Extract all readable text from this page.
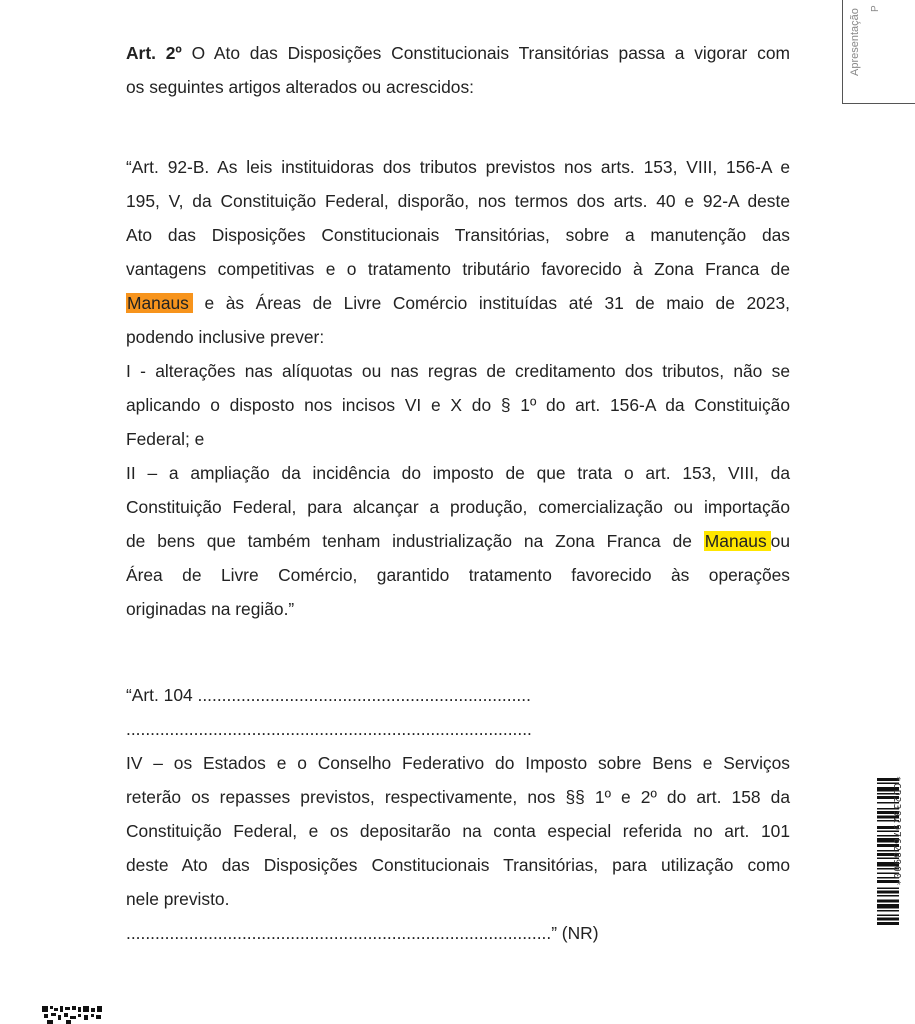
Apresentação P

Art. 2º O Ato das Disposições Constitucionais Transitórias passa a vigorar com

os seguintes artigos alterados ou acrescidos:

“Art. 92-B. As leis instituidoras dos tributos previstos nos arts. 153, VIII, 156-A e

195, V, da Constituição Federal, disporão, nos termos dos arts. 40 e 92-A deste

Ato das Disposições Constitucionais Transitórias, sobre a manutenção das

vantagens competitivas e o tratamento tributário favorecido à Zona Franca de

Manaus e às Áreas de Livre Comércio instituídas até 31 de maio de 2023,

podendo inclusive prever:

I - alterações nas alíquotas ou nas regras de creditamento dos tributos, não se

aplicando o disposto nos incisos VI e X do § 1º do art. 156-A da Constituição

Federal; e

II – a ampliação da incidência do imposto de que trata o art. 153, VIII, da

Constituição Federal, para alcançar a produção, comercialização ou importação

de bens que também tenham industrialização na Zona Franca de Manaus ou

Área de Livre Comércio, garantido tratamento favorecido às operações

originadas na região.”

“Art. 104 .....................................................................

....................................................................................

IV – os Estados e o Conselho Federativo do Imposto sobre Bens e Serviços

reterão os repasses previstos, respectivamente, nos §§ 1º e 2º do art. 158 da

Constituição Federal, e os depositarão na conta especial referida no art. 101

deste Ato das Disposições Constitucionais Transitórias, para utilização como

nele previsto.

........................................................................................” (NR)

*CD239297628900*
